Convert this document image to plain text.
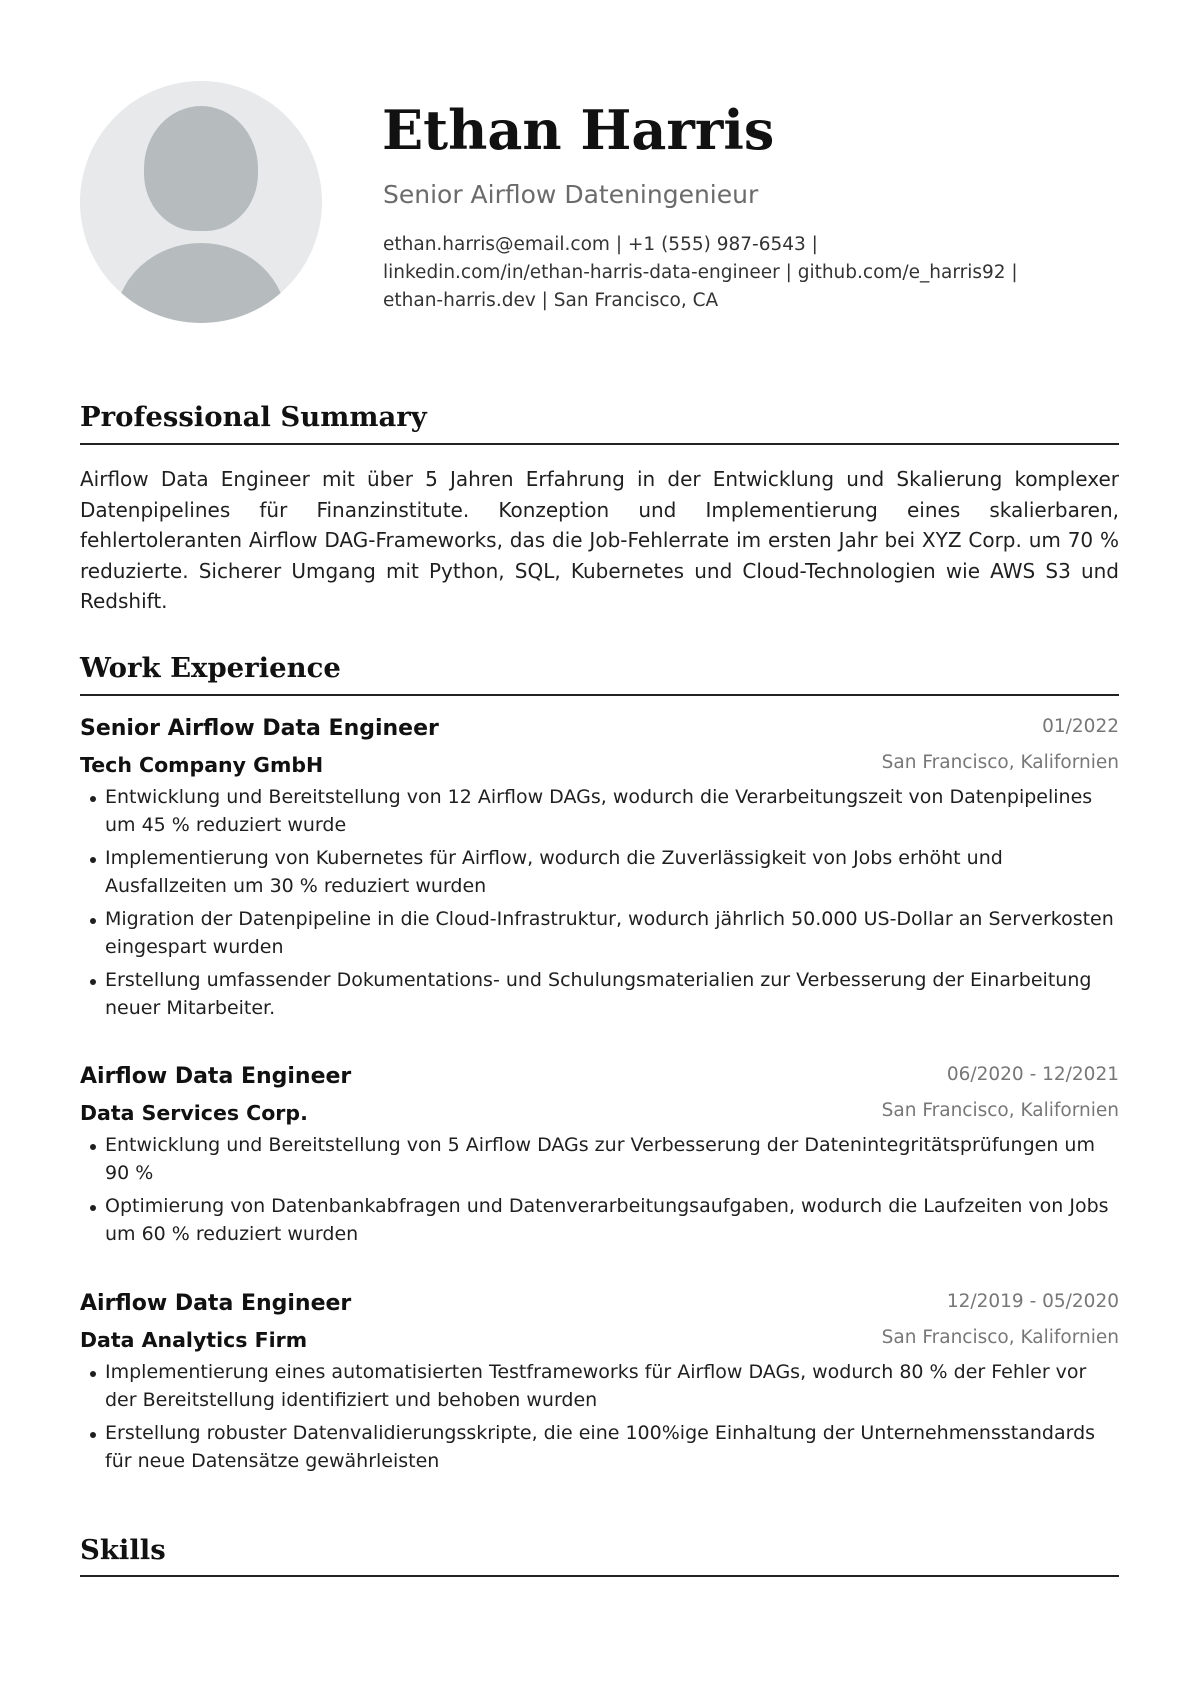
Ethan Harris

Senior Airflow Dateningenieur

ethan.harris@email.com | +1 (555) 987-6543 |
linkedin.com/in/ethan-harris-data-engineer | github.com/e_harris92 |
ethan-harris.dev | San Francisco, CA

Professional Summary

Airflow Data Engineer mit über 5 Jahren Erfahrung in der Entwicklung und Skalierung komplexer Datenpipelines für Finanzinstitute. Konzeption und Implementierung eines skalierbaren, fehlertoleranten Airflow DAG-Frameworks, das die Job-Fehlerrate im ersten Jahr bei XYZ Corp. um 70 % reduzierte. Sicherer Umgang mit Python, SQL, Kubernetes und Cloud-Technologien wie AWS S3 und Redshift.

Work Experience
Senior Airflow Data Engineer	01/2022
Tech Company GmbH	San Francisco, Kalifornien
Entwicklung und Bereitstellung von 12 Airflow DAGs, wodurch die Verarbeitungszeit von Datenpipelines um 45 % reduziert wurde
Implementierung von Kubernetes für Airflow, wodurch die Zuverlässigkeit von Jobs erhöht und Ausfallzeiten um 30 % reduziert wurden
Migration der Datenpipeline in die Cloud-Infrastruktur, wodurch jährlich 50.000 US-Dollar an Serverkosten eingespart wurden
Erstellung umfassender Dokumentations- und Schulungsmaterialien zur Verbesserung der Einarbeitung neuer Mitarbeiter.
Airflow Data Engineer	06/2020 - 12/2021
Data Services Corp.	San Francisco, Kalifornien
Entwicklung und Bereitstellung von 5 Airflow DAGs zur Verbesserung der Datenintegritätsprüfungen um 90 %
Optimierung von Datenbankabfragen und Datenverarbeitungsaufgaben, wodurch die Laufzeiten von Jobs um 60 % reduziert wurden
Airflow Data Engineer	12/2019 - 05/2020
Data Analytics Firm	San Francisco, Kalifornien
Implementierung eines automatisierten Testframeworks für Airflow DAGs, wodurch 80 % der Fehler vor der Bereitstellung identifiziert und behoben wurden
Erstellung robuster Datenvalidierungsskripte, die eine 100%ige Einhaltung der Unternehmensstandards für neue Datensätze gewährleisten
Skills
